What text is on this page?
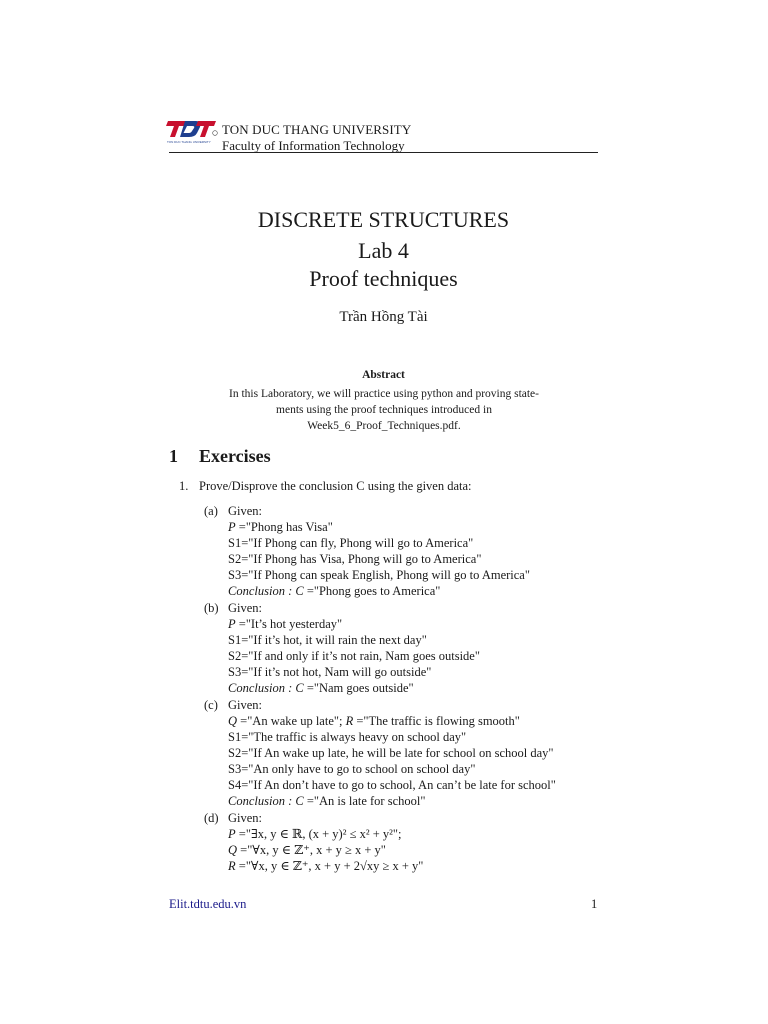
TON DUC THANG UNIVERSITY
TON DUC THANG UNIVERSITY
Faculty of Information Technology
DISCRETE STRUCTURES
Lab 4
Proof techniques
Trần Hồng Tài
Abstract
In this Laboratory, we will practice using python and proving state-
ments using the proof techniques introduced in Week5_6_Proof_Techniques.pdf.
1 Exercises
1. Prove/Disprove the conclusion C using the given data:
(a) Given:
P ="Phong has Visa"
S1="If Phong can fly, Phong will go to America"
S2="If Phong has Visa, Phong will go to America"
S3="If Phong can speak English, Phong will go to America"
Conclusion : C ="Phong goes to America"
(b) Given:
P ="It’s hot yesterday"
S1="If it’s hot, it will rain the next day"
S2="If and only if it’s not rain, Nam goes outside"
S3="If it’s not hot, Nam will go outside"
Conclusion : C ="Nam goes outside"
(c) Given:
Q ="An wake up late"; R ="The traffic is flowing smooth"
S1="The traffic is always heavy on school day"
S2="If An wake up late, he will be late for school on school day"
S3="An only have to go to school on school day"
S4="If An don’t have to go to school, An can’t be late for school"
Conclusion : C ="An is late for school"
(d) Given:
P ="∃x, y ∈ ℝ, (x + y)² ≤ x² + y²";
Q ="∀x, y ∈ ℤ⁺, x + y ≥ x + y"
R ="∀x, y ∈ ℤ⁺, x + y + 2√xy ≥ x + y"
Elit.tdtu.edu.vn	1
